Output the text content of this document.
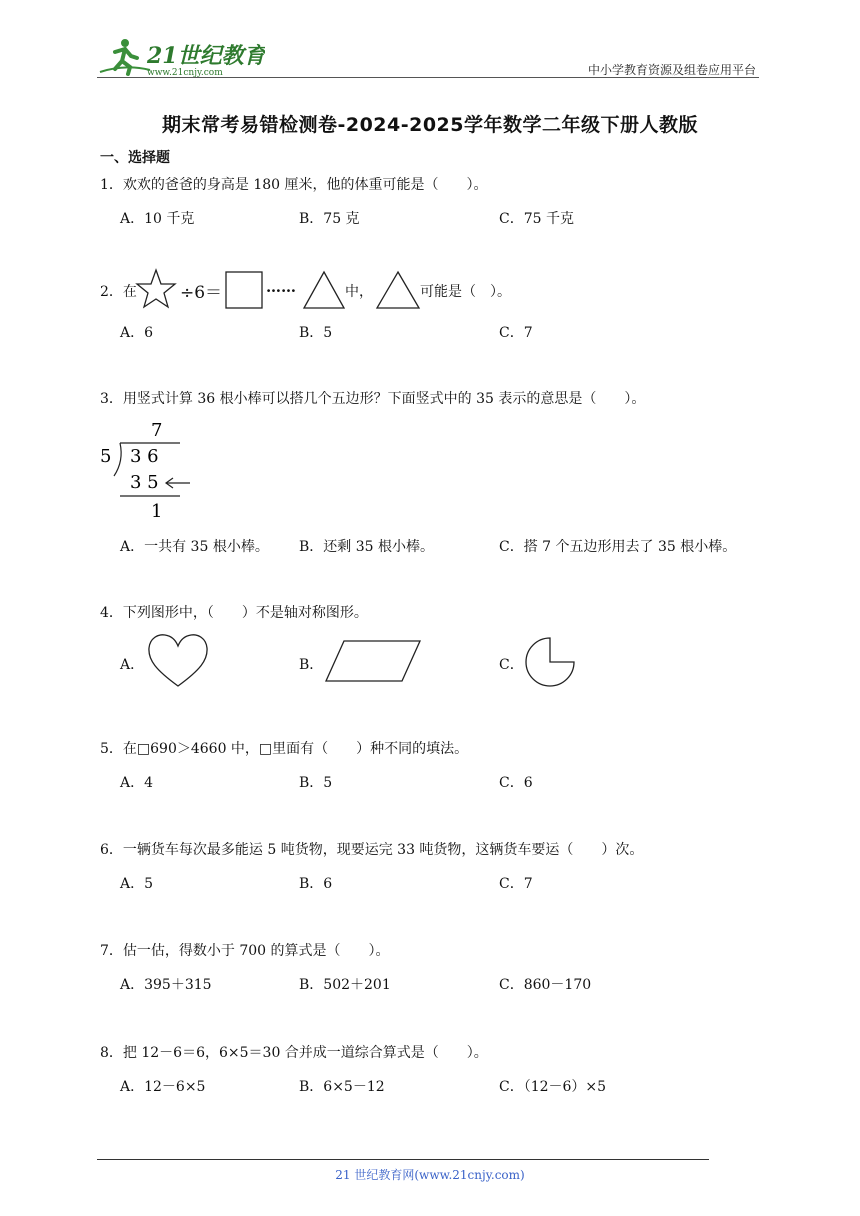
21世纪教育
www.21cnjy.com	中小学教育资源及组卷应用平台
期末常考易错检测卷-2024-2025学年数学二年级下册人教版
一、选择题
1．欢欢的爸爸的身高是 180 厘米，他的体重可能是（　　）。
A．10 千克	B．75 克	C．75 千克
2．在	÷6＝	……	中，	可能是（　）。
A．6	B．5	C．7
3．用竖式计算 36 根小棒可以搭几个五边形？下面竖式中的 35 表示的意思是（　　）。
7
5 3 6
3 5
1
A．一共有 35 根小棒。 B．还剩 35 根小棒。	C．搭 7 个五边形用去了 35 根小棒。
4．下列图形中，（　　）不是轴对称图形。
A．	B．	C．
5．在□690＞4660 中，□里面有（　　）种不同的填法。
A．4	B．5	C．6
6．一辆货车每次最多能运 5 吨货物，现要运完 33 吨货物，这辆货车要运（　　）次。
A．5	B．6	C．7
7．估一估，得数小于 700 的算式是（　　）。
A．395＋315	B．502＋201	C．860－170
8．把 12－6＝6，6×5＝30 合并成一道综合算式是（　　）。
A．12－6×5	B．6×5－12	C．（12－6）×5
21 世纪教育网(www.21cnjy.com)
